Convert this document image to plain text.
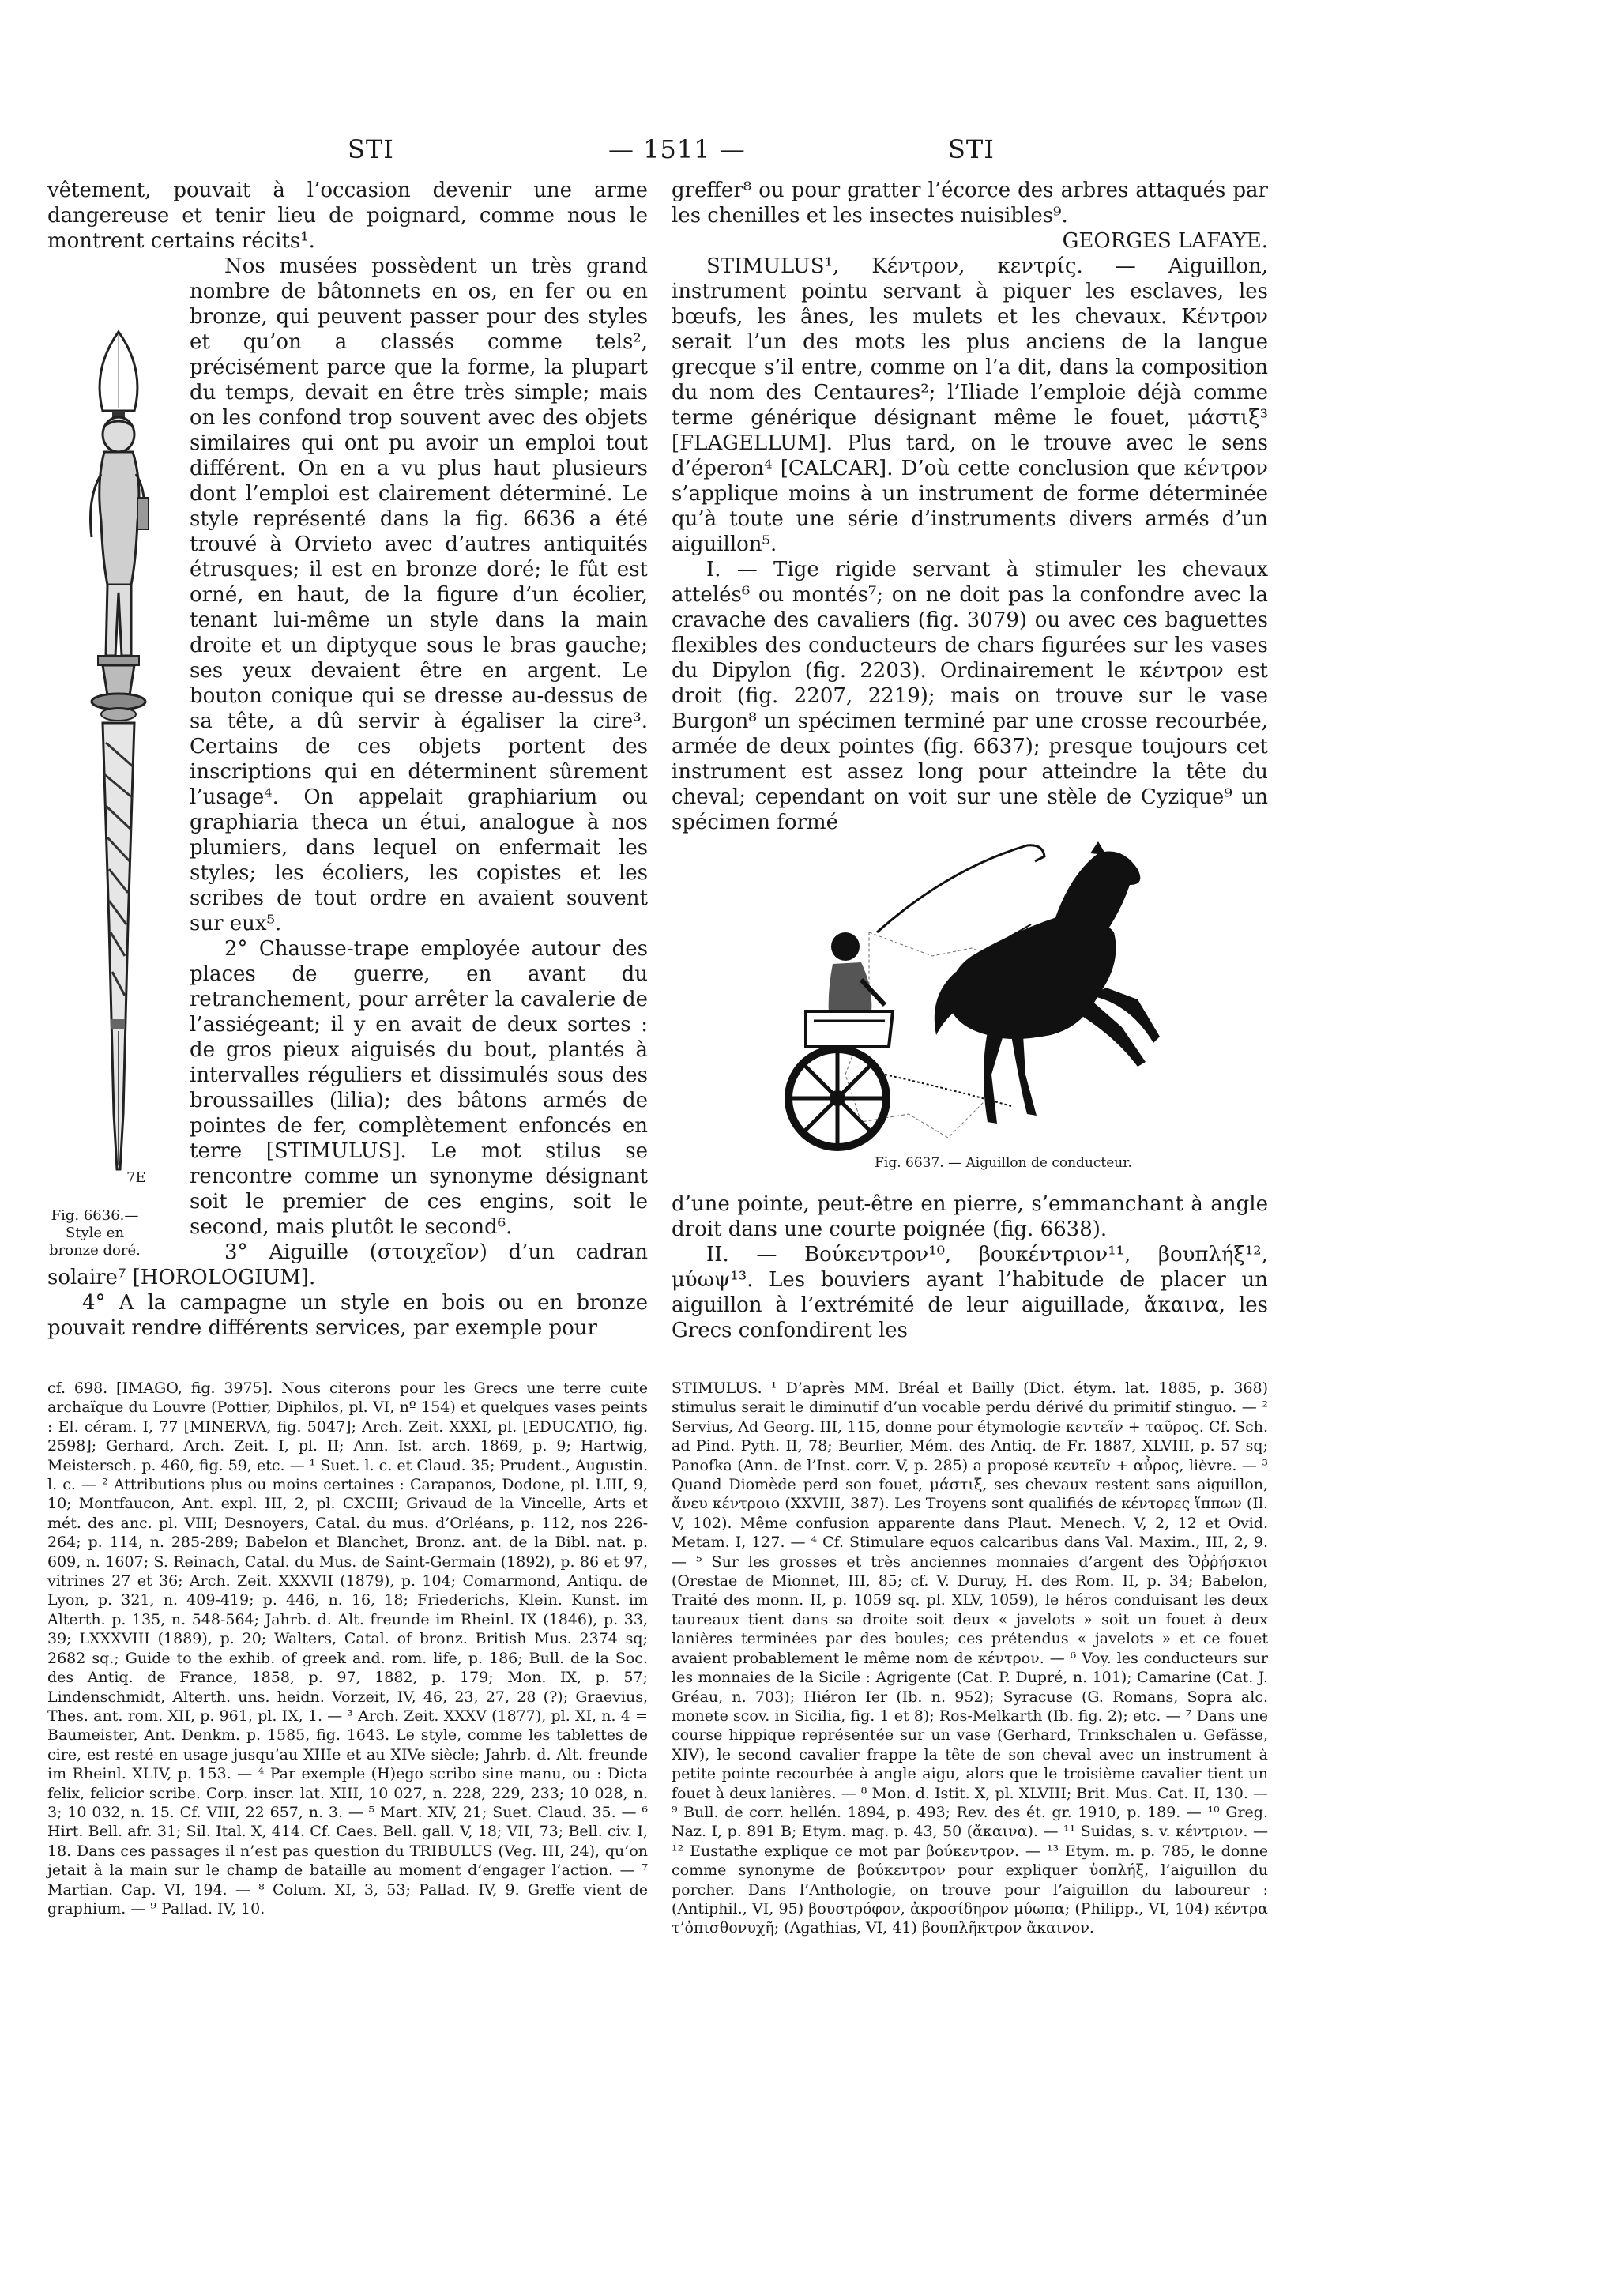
STI	— 1511 —	STI

vêtement, pouvait à l’occasion devenir une arme dangereuse et tenir lieu de poignard, comme nous le montrent certains récits¹.

Nos musées possèdent un très grand nombre de bâtonnets en os, en fer ou en bronze, qui peuvent passer pour des styles et qu’on a classés comme tels², précisément parce que la forme, la plupart du temps, devait en être très simple; mais on les confond trop souvent avec des objets similaires qui ont pu avoir un emploi tout différent. On en a vu plus haut plusieurs dont l’emploi est clairement déterminé. Le style représenté dans la fig. 6636 a été trouvé à Orvieto avec d’autres antiquités étrusques; il est en bronze doré; le fût est orné, en haut, de la figure d’un écolier, tenant lui-même un style dans la main droite et un diptyque sous le bras gauche; ses yeux devaient être en argent. Le bouton conique qui se dresse au-dessus de sa tête, a dû servir à égaliser la cire³. Certains de ces objets portent des inscriptions qui en déterminent sûrement l’usage⁴. On appelait graphiarium ou graphiaria theca un étui, analogue à nos plumiers, dans lequel on enfermait les styles; les écoliers, les copistes et les scribes de tout ordre en avaient souvent sur eux⁵.

2° Chausse-trape employée autour des places de guerre, en avant du retranchement, pour arrêter la cavalerie de l’assiégeant; il y en avait de deux sortes : de gros pieux aiguisés du bout, plantés à intervalles réguliers et dissimulés sous des broussailles (lilia); des bâtons armés de pointes de fer, complètement enfoncés en terre [STIMULUS]. Le mot stilus se rencontre comme un synonyme désignant soit le premier de ces engins, soit le second, mais plutôt le second⁶.

3° Aiguille (στοιχεῖον) d’un cadran solaire⁷ [HOROLOGIUM].

4° A la campagne un style en bois ou en bronze pouvait rendre différents services, par exemple pour

7E
Fig. 6636.— Style en bronze doré.

greffer⁸ ou pour gratter l’écorce des arbres attaqués par les chenilles et les insectes nuisibles⁹.
GEORGES LAFAYE.

STIMULUS¹, Κέντρον, κεντρίς. — Aiguillon, instrument pointu servant à piquer les esclaves, les bœufs, les ânes, les mulets et les chevaux. Κέντρον serait l’un des mots les plus anciens de la langue grecque s’il entre, comme on l’a dit, dans la composition du nom des Centaures²; l’Iliade l’emploie déjà comme terme générique désignant même le fouet, μάστιξ³ [FLAGELLUM]. Plus tard, on le trouve avec le sens d’éperon⁴ [CALCAR]. D’où cette conclusion que κέντρον s’applique moins à un instrument de forme déterminée qu’à toute une série d’instruments divers armés d’un aiguillon⁵.

I. — Tige rigide servant à stimuler les chevaux attelés⁶ ou montés⁷; on ne doit pas la confondre avec la cravache des cavaliers (fig. 3079) ou avec ces baguettes flexibles des conducteurs de chars figurées sur les vases du Dipylon (fig. 2203). Ordinairement le κέντρον est droit (fig. 2207, 2219); mais on trouve sur le vase Burgon⁸ un spécimen terminé par une crosse recourbée, armée de deux pointes (fig. 6637); presque toujours cet instrument est assez long pour atteindre la tête du cheval; cependant on voit sur une stèle de Cyzique⁹ un spécimen formé

Fig. 6637. — Aiguillon de conducteur.

d’une pointe, peut-être en pierre, s’emmanchant à angle droit dans une courte poignée (fig. 6638).

II. — Βούκεντρον¹⁰, βουκέντριον¹¹, βουπλήξ¹², μύωψ¹³. Les bouviers ayant l’habitude de placer un aiguillon à l’extrémité de leur aiguillade, ἄκαινα, les Grecs confondirent les

cf. 698. [IMAGO, fig. 3975]. Nous citerons pour les Grecs une terre cuite archaïque du Louvre (Pottier, Diphilos, pl. VI, nº 154) et quelques vases peints : El. céram. I, 77 [MINERVA, fig. 5047]; Arch. Zeit. XXXI, pl. [EDUCATIO, fig. 2598]; Gerhard, Arch. Zeit. I, pl. II; Ann. Ist. arch. 1869, p. 9; Hartwig, Meistersch. p. 460, fig. 59, etc. — ¹ Suet. l. c. et Claud. 35; Prudent., Augustin. l. c. — ² Attributions plus ou moins certaines : Carapanos, Dodone, pl. LIII, 9, 10; Montfaucon, Ant. expl. III, 2, pl. CXCIII; Grivaud de la Vincelle, Arts et mét. des anc. pl. VIII; Desnoyers, Catal. du mus. d’Orléans, p. 112, nos 226-264; p. 114, n. 285-289; Babelon et Blanchet, Bronz. ant. de la Bibl. nat. p. 609, n. 1607; S. Reinach, Catal. du Mus. de Saint-Germain (1892), p. 86 et 97, vitrines 27 et 36; Arch. Zeit. XXXVII (1879), p. 104; Comarmond, Antiqu. de Lyon, p. 321, n. 409-419; p. 446, n. 16, 18; Friederichs, Klein. Kunst. im Alterth. p. 135, n. 548-564; Jahrb. d. Alt. freunde im Rheinl. IX (1846), p. 33, 39; LXXXVIII (1889), p. 20; Walters, Catal. of bronz. British Mus. 2374 sq; 2682 sq.; Guide to the exhib. of greek and. rom. life, p. 186; Bull. de la Soc. des Antiq. de France, 1858, p. 97, 1882, p. 179; Mon. IX, p. 57; Lindenschmidt, Alterth. uns. heidn. Vorzeit, IV, 46, 23, 27, 28 (?); Graevius, Thes. ant. rom. XII, p. 961, pl. IX, 1. — ³ Arch. Zeit. XXXV (1877), pl. XI, n. 4 = Baumeister, Ant. Denkm. p. 1585, fig. 1643. Le style, comme les tablettes de cire, est resté en usage jusqu’au XIIIe et au XIVe siècle; Jahrb. d. Alt. freunde im Rheinl. XLIV, p. 153. — ⁴ Par exemple (H)ego scribo sine manu, ou : Dicta felix, felicior scribe. Corp. inscr. lat. XIII, 10 027, n. 228, 229, 233; 10 028, n. 3; 10 032, n. 15. Cf. VIII, 22 657, n. 3. — ⁵ Mart. XIV, 21; Suet. Claud. 35. — ⁶ Hirt. Bell. afr. 31; Sil. Ital. X, 414. Cf. Caes. Bell. gall. V, 18; VII, 73; Bell. civ. I, 18. Dans ces passages il n’est pas question du TRIBULUS (Veg. III, 24), qu’on jetait à la main sur le champ de bataille au moment d’engager l’action. — ⁷ Martian. Cap. VI, 194. — ⁸ Colum. XI, 3, 53; Pallad. IV, 9. Greffe vient de graphium. — ⁹ Pallad. IV, 10.

STIMULUS. ¹ D’après MM. Bréal et Bailly (Dict. étym. lat. 1885, p. 368) stimulus serait le diminutif d’un vocable perdu dérivé du primitif stinguo. — ² Servius, Ad Georg. III, 115, donne pour étymologie κεντεῖν + ταῦρος. Cf. Sch. ad Pind. Pyth. II, 78; Beurlier, Mém. des Antiq. de Fr. 1887, XLVIII, p. 57 sq; Panofka (Ann. de l’Inst. corr. V, p. 285) a proposé κεντεῖν + αὖρος, lièvre. — ³ Quand Diomède perd son fouet, μάστιξ, ses chevaux restent sans aiguillon, ἄνευ κέντροιο (XXVIII, 387). Les Troyens sont qualifiés de κέντορες ἵππων (Il. V, 102). Même confusion apparente dans Plaut. Menech. V, 2, 12 et Ovid. Metam. I, 127. — ⁴ Cf. Stimulare equos calcaribus dans Val. Maxim., III, 2, 9. — ⁵ Sur les grosses et très anciennes monnaies d’argent des Ὀῤῥήσκιοι (Orestae de Mionnet, III, 85; cf. V. Duruy, H. des Rom. II, p. 34; Babelon, Traité des monn. II, p. 1059 sq. pl. XLV, 1059), le héros conduisant les deux taureaux tient dans sa droite soit deux « javelots » soit un fouet à deux lanières terminées par des boules; ces prétendus « javelots » et ce fouet avaient probablement le même nom de κέντρον. — ⁶ Voy. les conducteurs sur les monnaies de la Sicile : Agrigente (Cat. P. Dupré, n. 101); Camarine (Cat. J. Gréau, n. 703); Hiéron Ier (Ib. n. 952); Syracuse (G. Romans, Sopra alc. monete scov. in Sicilia, fig. 1 et 8); Ros-Melkarth (Ib. fig. 2); etc. — ⁷ Dans une course hippique représentée sur un vase (Gerhard, Trinkschalen u. Gefässe, XIV), le second cavalier frappe la tête de son cheval avec un instrument à petite pointe recourbée à angle aigu, alors que le troisième cavalier tient un fouet à deux lanières. — ⁸ Mon. d. Istit. X, pl. XLVIII; Brit. Mus. Cat. II, 130. — ⁹ Bull. de corr. hellén. 1894, p. 493; Rev. des ét. gr. 1910, p. 189. — ¹⁰ Greg. Naz. I, p. 891 B; Etym. mag. p. 43, 50 (ἄκαινα). — ¹¹ Suidas, s. v. κέντριον. — ¹² Eustathe explique ce mot par βούκεντρον. — ¹³ Etym. m. p. 785, le donne comme synonyme de βούκεντρον pour expliquer ὑοπλήξ, l’aiguillon du porcher. Dans l’Anthologie, on trouve pour l’aiguillon du laboureur : (Antiphil., VI, 95) βουστρόφον, ἀκροσίδηρον μύωπα; (Philipp., VI, 104) κέντρα τ’ὀπισθονυχῆ; (Agathias, VI, 41) βουπλῆκτρον ἄκαινον.
